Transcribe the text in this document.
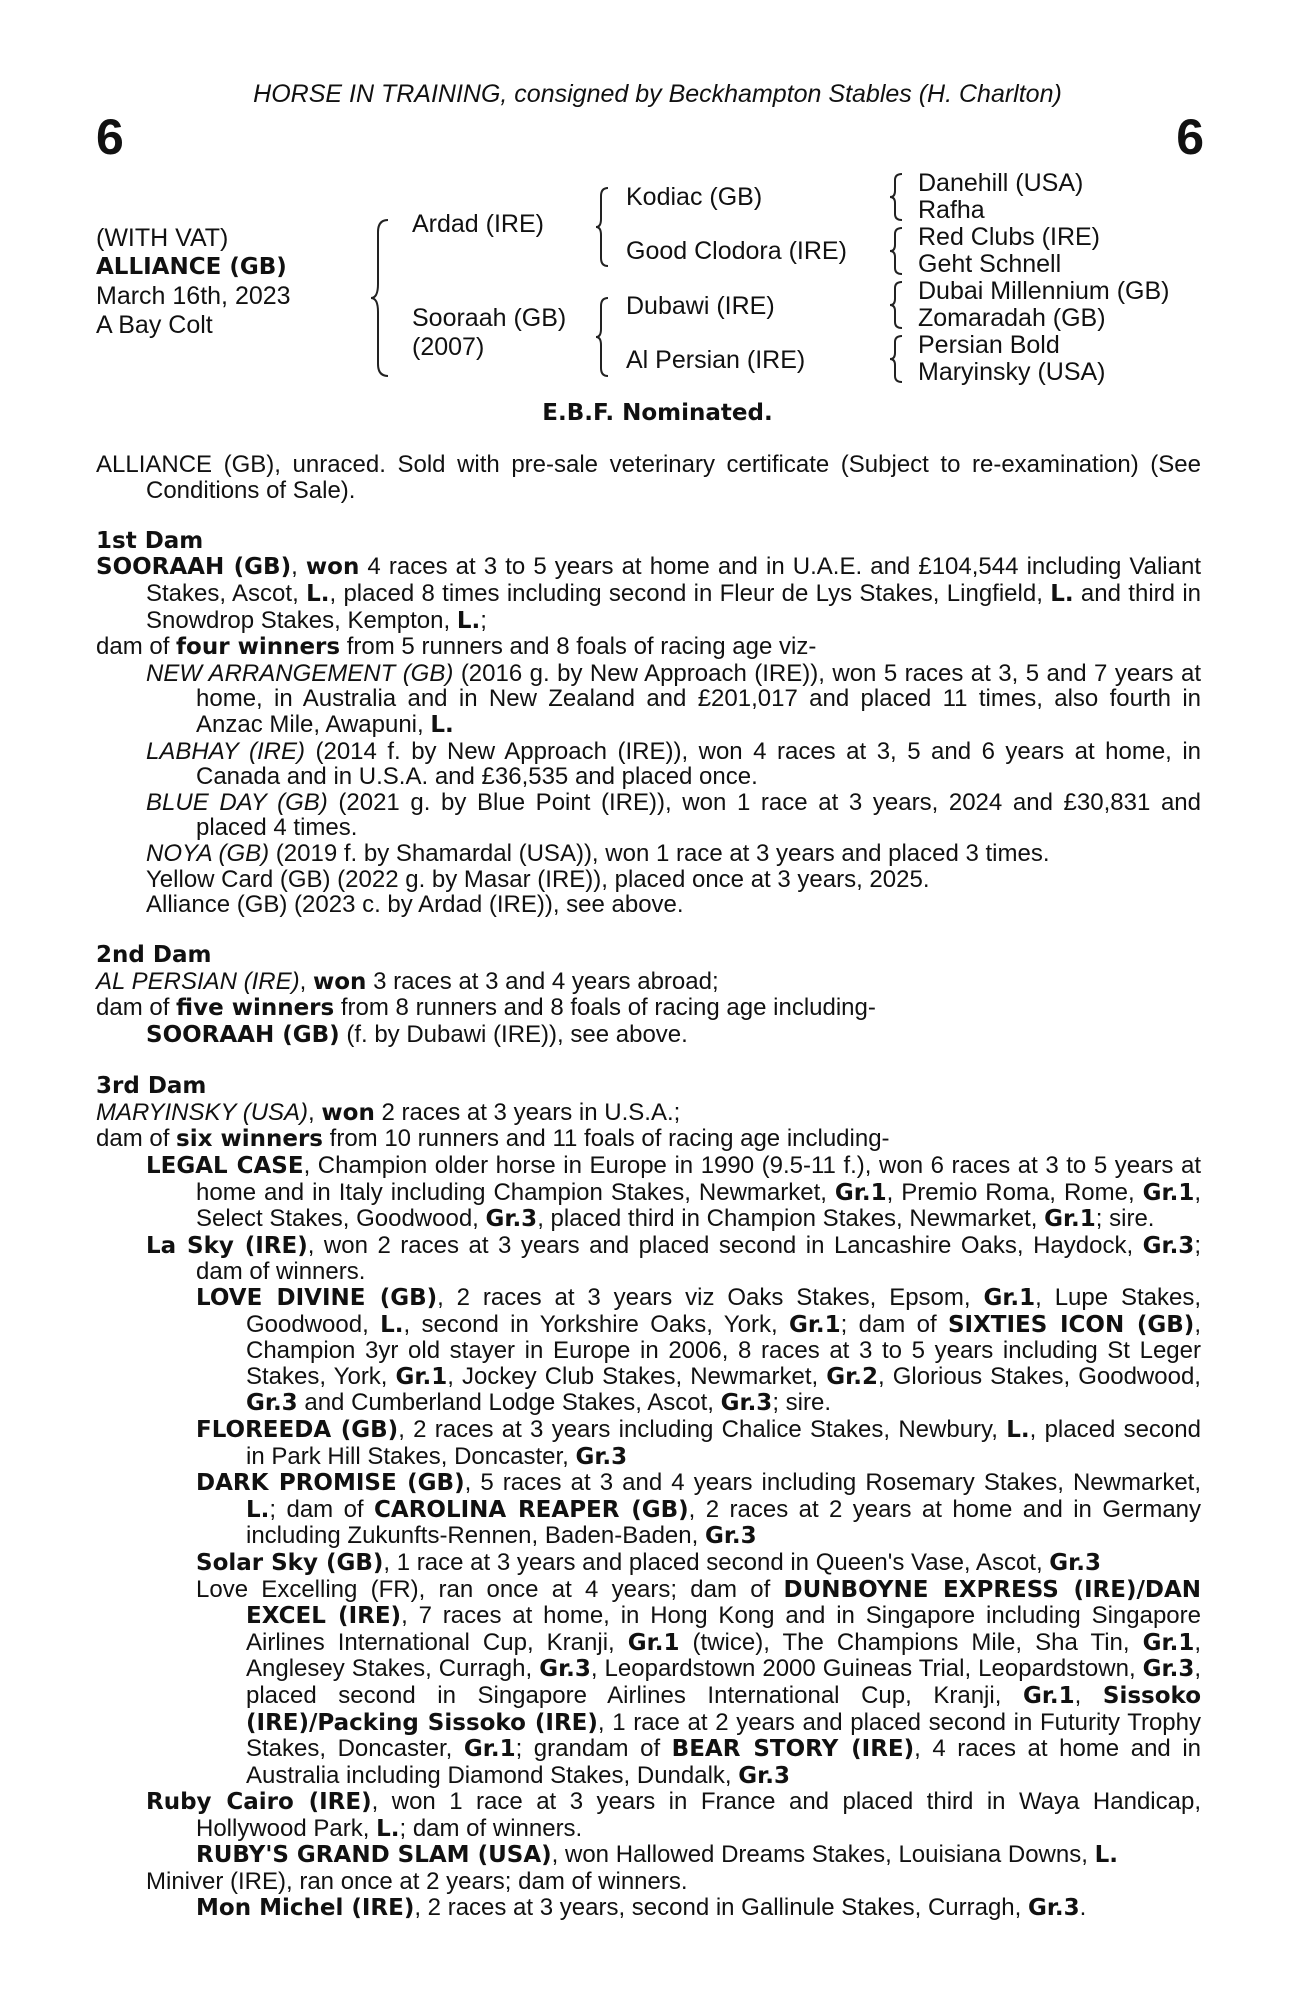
HORSE IN TRAINING, consigned by Beckhampton Stables (H. Charlton)
6	6
(WITH VAT)
ALLIANCE (GB)
March 16th, 2023
A Bay Colt
Ardad (IRE)
Sooraah (GB)
(2007)
Kodiac (GB)
Good Clodora (IRE)
Dubawi (IRE)
Al Persian (IRE)
Danehill (USA)
Rafha
Red Clubs (IRE)
Geht Schnell
Dubai Millennium (GB)
Zomaradah (GB)
Persian Bold
Maryinsky (USA)
E.B.F. Nominated.

ALLIANCE (GB), unraced. Sold with pre-sale veterinary certificate (Subject to re-examination) (See Conditions of Sale).

1st Dam

SOORAAH (GB), won 4 races at 3 to 5 years at home and in U.A.E. and £104,544 including Valiant Stakes, Ascot, L., placed 8 times including second in Fleur de Lys Stakes, Lingfield, L. and third in Snowdrop Stakes, Kempton, L.;

dam of four winners from 5 runners and 8 foals of racing age viz-

NEW ARRANGEMENT (GB) (2016 g. by New Approach (IRE)), won 5 races at 3, 5 and 7 years at home, in Australia and in New Zealand and £201,017 and placed 11 times, also fourth in Anzac Mile, Awapuni, L.

LABHAY (IRE) (2014 f. by New Approach (IRE)), won 4 races at 3, 5 and 6 years at home, in Canada and in U.S.A. and £36,535 and placed once.

BLUE DAY (GB) (2021 g. by Blue Point (IRE)), won 1 race at 3 years, 2024 and £30,831 and placed 4 times.

NOYA (GB) (2019 f. by Shamardal (USA)), won 1 race at 3 years and placed 3 times.

Yellow Card (GB) (2022 g. by Masar (IRE)), placed once at 3 years, 2025.

Alliance (GB) (2023 c. by Ardad (IRE)), see above.

2nd Dam

AL PERSIAN (IRE), won 3 races at 3 and 4 years abroad;

dam of five winners from 8 runners and 8 foals of racing age including-

SOORAAH (GB) (f. by Dubawi (IRE)), see above.

3rd Dam

MARYINSKY (USA), won 2 races at 3 years in U.S.A.;

dam of six winners from 10 runners and 11 foals of racing age including-

LEGAL CASE, Champion older horse in Europe in 1990 (9.5-11 f.), won 6 races at 3 to 5 years at home and in Italy including Champion Stakes, Newmarket, Gr.1, Premio Roma, Rome, Gr.1, Select Stakes, Goodwood, Gr.3, placed third in Champion Stakes, Newmarket, Gr.1; sire.

La Sky (IRE), won 2 races at 3 years and placed second in Lancashire Oaks, Haydock, Gr.3; dam of winners.

LOVE DIVINE (GB), 2 races at 3 years viz Oaks Stakes, Epsom, Gr.1, Lupe Stakes, Goodwood, L., second in Yorkshire Oaks, York, Gr.1; dam of SIXTIES ICON (GB), Champion 3yr old stayer in Europe in 2006, 8 races at 3 to 5 years including St Leger Stakes, York, Gr.1, Jockey Club Stakes, Newmarket, Gr.2, Glorious Stakes, Goodwood, Gr.3 and Cumberland Lodge Stakes, Ascot, Gr.3; sire.

FLOREEDA (GB), 2 races at 3 years including Chalice Stakes, Newbury, L., placed second in Park Hill Stakes, Doncaster, Gr.3

DARK PROMISE (GB), 5 races at 3 and 4 years including Rosemary Stakes, Newmarket, L.; dam of CAROLINA REAPER (GB), 2 races at 2 years at home and in Germany including Zukunfts-Rennen, Baden-Baden, Gr.3

Solar Sky (GB), 1 race at 3 years and placed second in Queen's Vase, Ascot, Gr.3

Love Excelling (FR), ran once at 4 years; dam of DUNBOYNE EXPRESS (IRE)/DAN EXCEL (IRE), 7 races at home, in Hong Kong and in Singapore including Singapore Airlines International Cup, Kranji, Gr.1 (twice), The Champions Mile, Sha Tin, Gr.1, Anglesey Stakes, Curragh, Gr.3, Leopardstown 2000 Guineas Trial, Leopardstown, Gr.3, placed second in Singapore Airlines International Cup, Kranji, Gr.1, Sissoko (IRE)/Packing Sissoko (IRE), 1 race at 2 years and placed second in Futurity Trophy Stakes, Doncaster, Gr.1; grandam of BEAR STORY (IRE), 4 races at home and in Australia including Diamond Stakes, Dundalk, Gr.3

Ruby Cairo (IRE), won 1 race at 3 years in France and placed third in Waya Handicap, Hollywood Park, L.; dam of winners.

RUBY'S GRAND SLAM (USA), won Hallowed Dreams Stakes, Louisiana Downs, L.

Miniver (IRE), ran once at 2 years; dam of winners.

Mon Michel (IRE), 2 races at 3 years, second in Gallinule Stakes, Curragh, Gr.3.
